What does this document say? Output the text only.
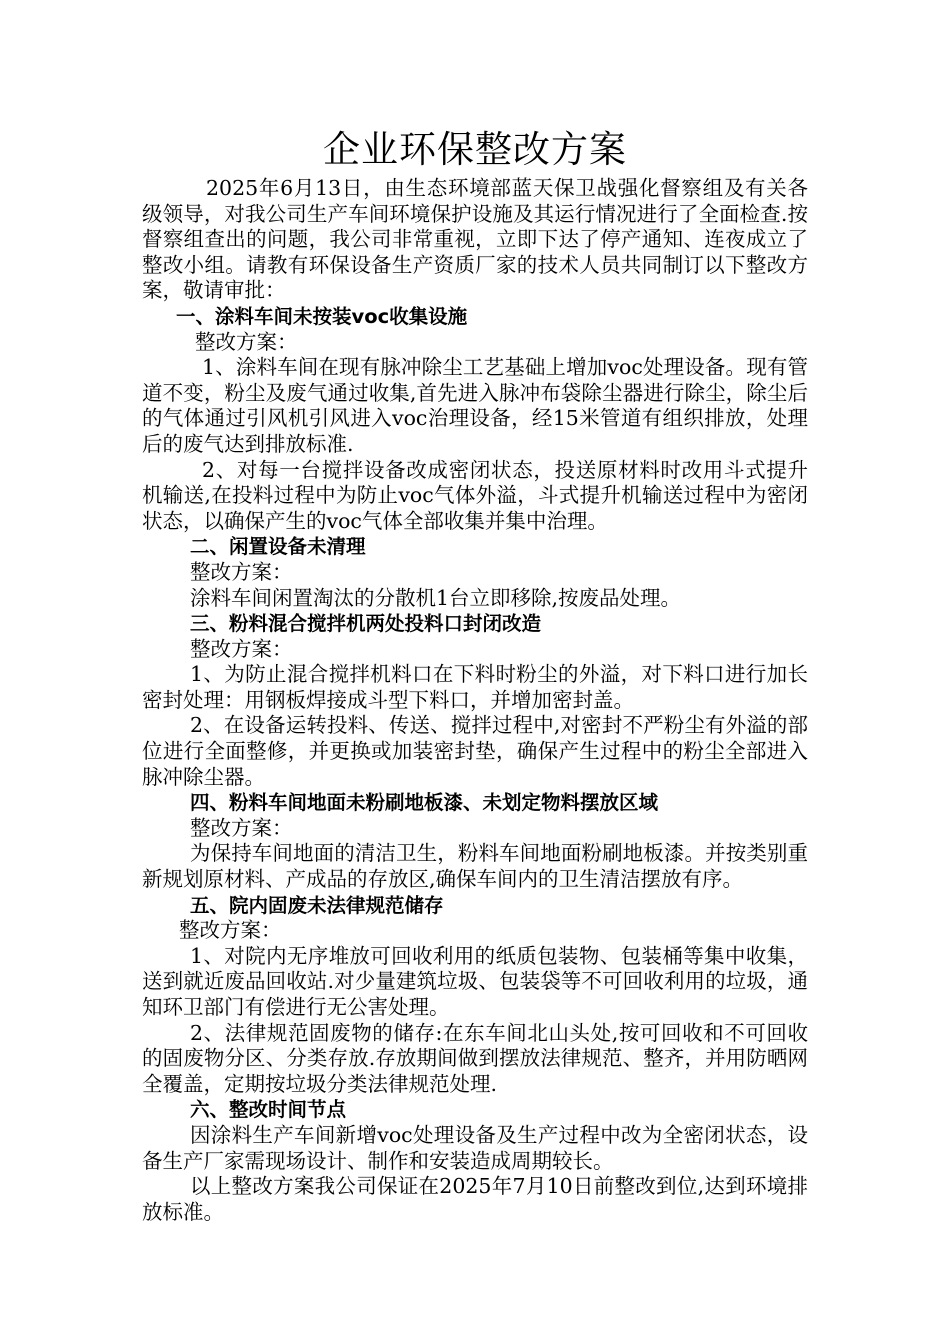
企业环保整改方案

2025年6月13日，由生态环境部蓝天保卫战强化督察组及有关各级领导，对我公司生产车间环境保护设施及其运行情况进行了全面检查.按督察组查出的问题，我公司非常重视，立即下达了停产通知、连夜成立了整改小组。请教有环保设备生产资质厂家的技术人员共同制订以下整改方案，敬请审批：

一、涂料车间未按装voc收集设施

整改方案：

1、涂料车间在现有脉冲除尘工艺基础上增加voc处理设备。现有管道不变，粉尘及废气通过收集,首先进入脉冲布袋除尘器进行除尘，除尘后的气体通过引风机引风进入voc治理设备，经15米管道有组织排放，处理后的废气达到排放标准.

2、对每一台搅拌设备改成密闭状态，投送原材料时改用斗式提升机输送,在投料过程中为防止voc气体外溢，斗式提升机输送过程中为密闭状态，以确保产生的voc气体全部收集并集中治理。

二、闲置设备未清理

整改方案：

涂料车间闲置淘汰的分散机1台立即移除,按废品处理。

三、粉料混合搅拌机两处投料口封闭改造

整改方案：

1、为防止混合搅拌机料口在下料时粉尘的外溢，对下料口进行加长密封处理：用钢板焊接成斗型下料口，并增加密封盖。

2、在设备运转投料、传送、搅拌过程中,对密封不严粉尘有外溢的部位进行全面整修，并更换或加装密封垫，确保产生过程中的粉尘全部进入脉冲除尘器。

四、粉料车间地面未粉刷地板漆、未划定物料摆放区域

整改方案：

为保持车间地面的清洁卫生，粉料车间地面粉刷地板漆。并按类别重新规划原材料、产成品的存放区,确保车间内的卫生清洁摆放有序。

五、院内固废未法律规范储存

整改方案：

1、对院内无序堆放可回收利用的纸质包装物、包装桶等集中收集，送到就近废品回收站.对少量建筑垃圾、包装袋等不可回收利用的垃圾，通知环卫部门有偿进行无公害处理。

2、法律规范固废物的储存:在东车间北山头处,按可回收和不可回收的固废物分区、分类存放.存放期间做到摆放法律规范、整齐，并用防晒网全覆盖，定期按垃圾分类法律规范处理.

六、整改时间节点

因涂料生产车间新增voc处理设备及生产过程中改为全密闭状态，设备生产厂家需现场设计、制作和安装造成周期较长。

以上整改方案我公司保证在2025年7月10日前整改到位,达到环境排放标准。
